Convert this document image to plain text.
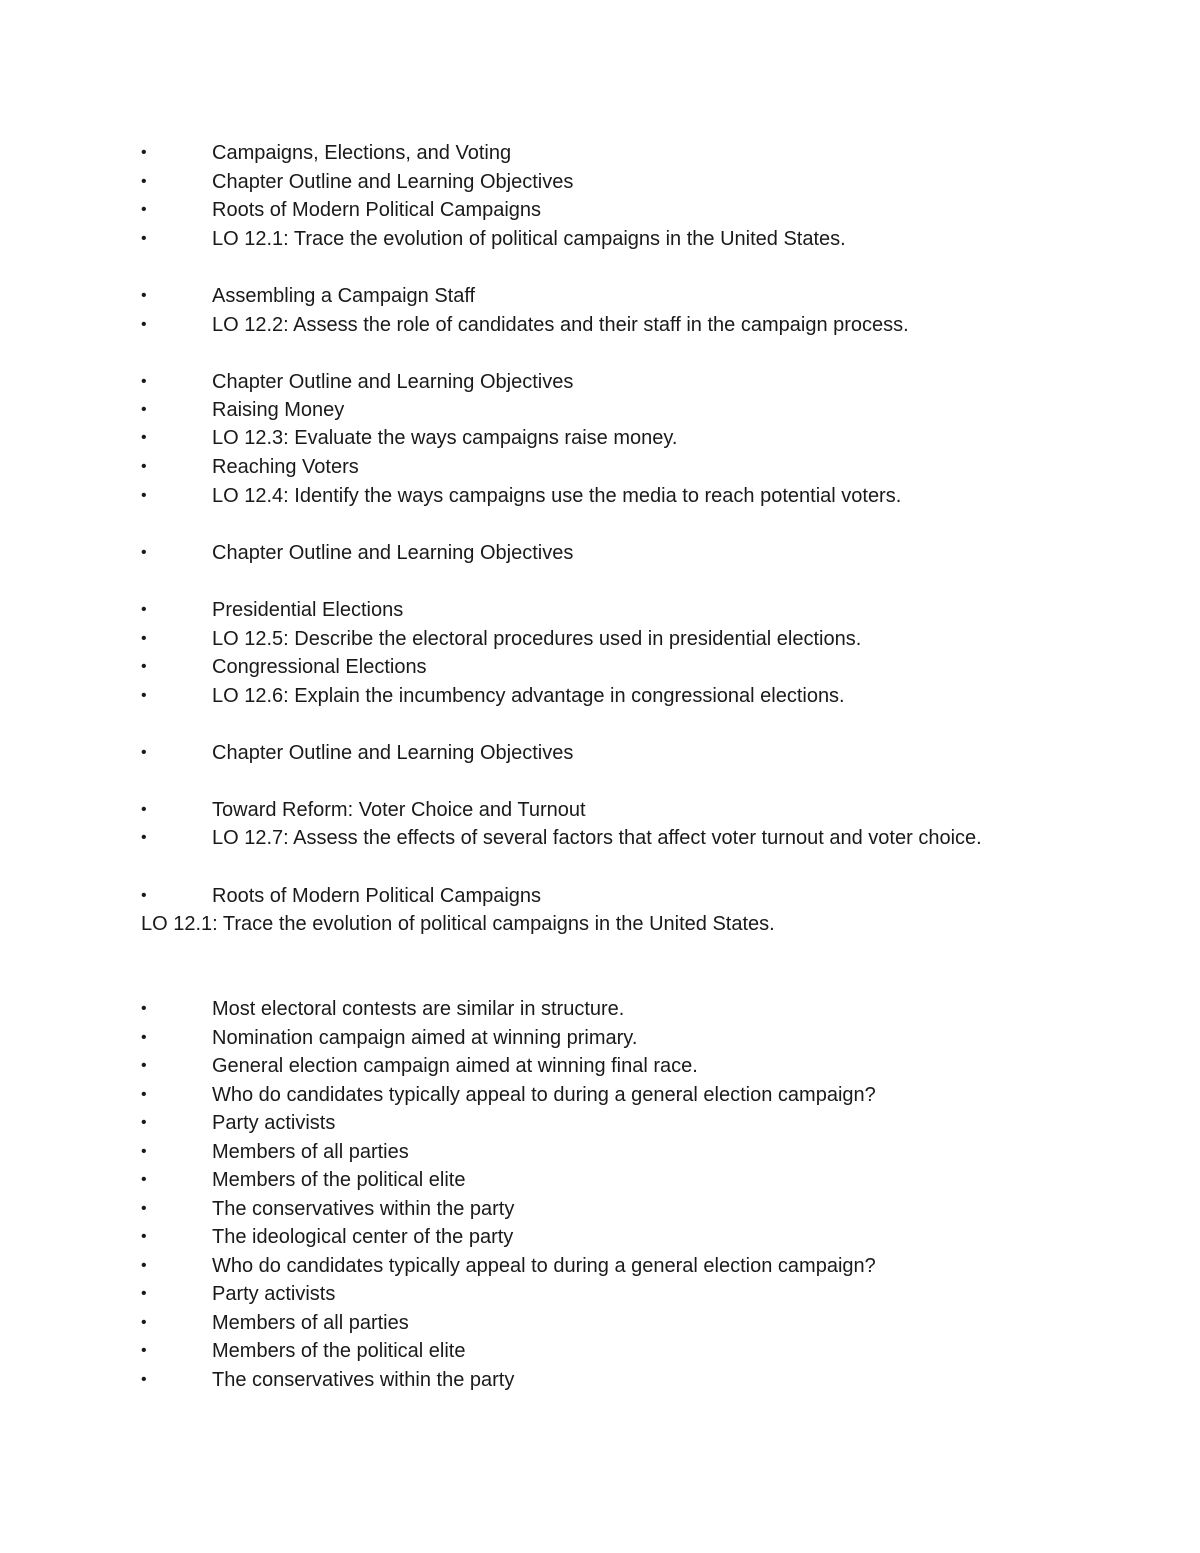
•	Campaigns, Elections, and Voting
•	Chapter Outline and Learning Objectives
•	Roots of Modern Political Campaigns
•	LO 12.1: Trace the evolution of political campaigns in the United States.
•	Assembling a Campaign Staff
•	LO 12.2: Assess the role of candidates and their staff in the campaign process.
•	Chapter Outline and Learning Objectives
•	Raising Money
•	LO 12.3: Evaluate the ways campaigns raise money.
•	Reaching Voters
•	LO 12.4: Identify the ways campaigns use the media to reach potential voters.
•	Chapter Outline and Learning Objectives
•	Presidential Elections
•	LO 12.5: Describe the electoral procedures used in presidential elections.
•	Congressional Elections
•	LO 12.6: Explain the incumbency advantage in congressional elections.
•	Chapter Outline and Learning Objectives
•	Toward Reform: Voter Choice and Turnout
•	LO 12.7: Assess the effects of several factors that affect voter turnout and voter choice.
•	Roots of Modern Political Campaigns
LO 12.1: Trace the evolution of political campaigns in the United States.
•	Most electoral contests are similar in structure.
•	Nomination campaign aimed at winning primary.
•	General election campaign aimed at winning final race.
•	Who do candidates typically appeal to during a general election campaign?
•	Party activists
•	Members of all parties
•	Members of the political elite
•	The conservatives within the party
•	The ideological center of the party
•	Who do candidates typically appeal to during a general election campaign?
•	Party activists
•	Members of all parties
•	Members of the political elite
•	The conservatives within the party
